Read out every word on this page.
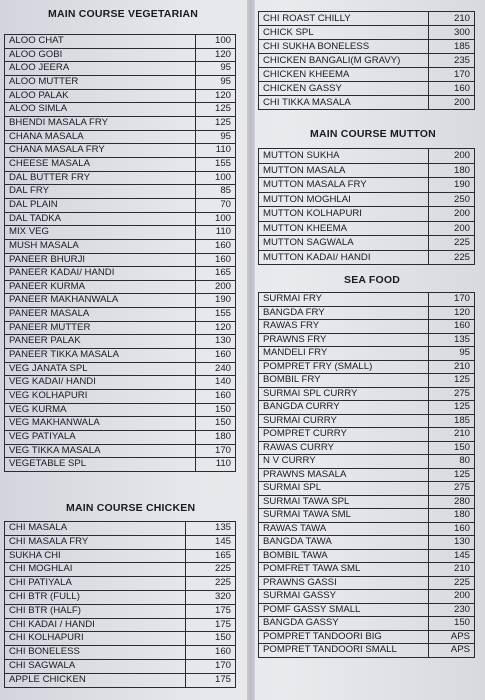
MAIN COURSE VEGETARIAN
ALOO CHAT	100
ALOO GOBI	120
ALOO JEERA	95
ALOO MUTTER	95
ALOO PALAK	120
ALOO SIMLA	125
BHENDI MASALA FRY	125
CHANA MASALA	95
CHANA MASALA FRY	110
CHEESE MASALA	155
DAL BUTTER FRY	100
DAL FRY	85
DAL PLAIN	70
DAL TADKA	100
MIX VEG	110
MUSH MASALA	160
PANEER BHURJI	160
PANEER KADAI/ HANDI	165
PANEER KURMA	200
PANEER MAKHANWALA	190
PANEER MASALA	155
PANEER MUTTER	120
PANEER PALAK	130
PANEER TIKKA MASALA	160
VEG JANATA SPL	240
VEG KADAI/ HANDI	140
VEG KOLHAPURI	160
VEG KURMA	150
VEG MAKHANWALA	150
VEG PATIYALA	180
VEG TIKKA MASALA	170
VEGETABLE SPL	110
MAIN COURSE CHICKEN
CHI MASALA	135
CHI MASALA FRY	145
SUKHA CHI	165
CHI MOGHLAI	225
CHI PATIYALA	225
CHI BTR (FULL)	320
CHI BTR (HALF)	175
CHI KADAI / HANDI	175
CHI KOLHAPURI	150
CHI BONELESS	160
CHI SAGWALA	170
APPLE CHICKEN	175
CHI ROAST CHILLY	210
CHICK SPL	300
CHI SUKHA BONELESS	185
CHICKEN BANGALI(M GRAVY)	235
CHICKEN KHEEMA	170
CHICKEN GASSY	160
CHI TIKKA MASALA	200
MAIN COURSE MUTTON
MUTTON SUKHA	200
MUTTON MASALA	180
MUTTON MASALA FRY	190
MUTTON MOGHLAI	250
MUTTON KOLHAPURI	200
MUTTON KHEEMA	200
MUTTON SAGWALA	225
MUTTON KADAI/ HANDI	225
SEA FOOD
SURMAI FRY	170
BANGDA FRY	120
RAWAS FRY	160
PRAWNS FRY	135
MANDELI FRY	95
POMPRET FRY (SMALL)	210
BOMBIL FRY	125
SURMAI SPL CURRY	275
BANGDA CURRY	125
SURMAI CURRY	185
POMPRET CURRY	210
RAWAS CURRY	150
N V CURRY	80
PRAWNS MASALA	125
SURMAI SPL	275
SURMAI TAWA SPL	280
SURMAI TAWA SML	180
RAWAS TAWA	160
BANGDA TAWA	130
BOMBIL TAWA	145
POMFRET TAWA SML	210
PRAWNS GASSI	225
SURMAI GASSY	200
POMF GASSY SMALL	230
BANGDA GASSY	150
POMPRET TANDOORI BIG	APS
POMPRET TANDOORI SMALL	APS
